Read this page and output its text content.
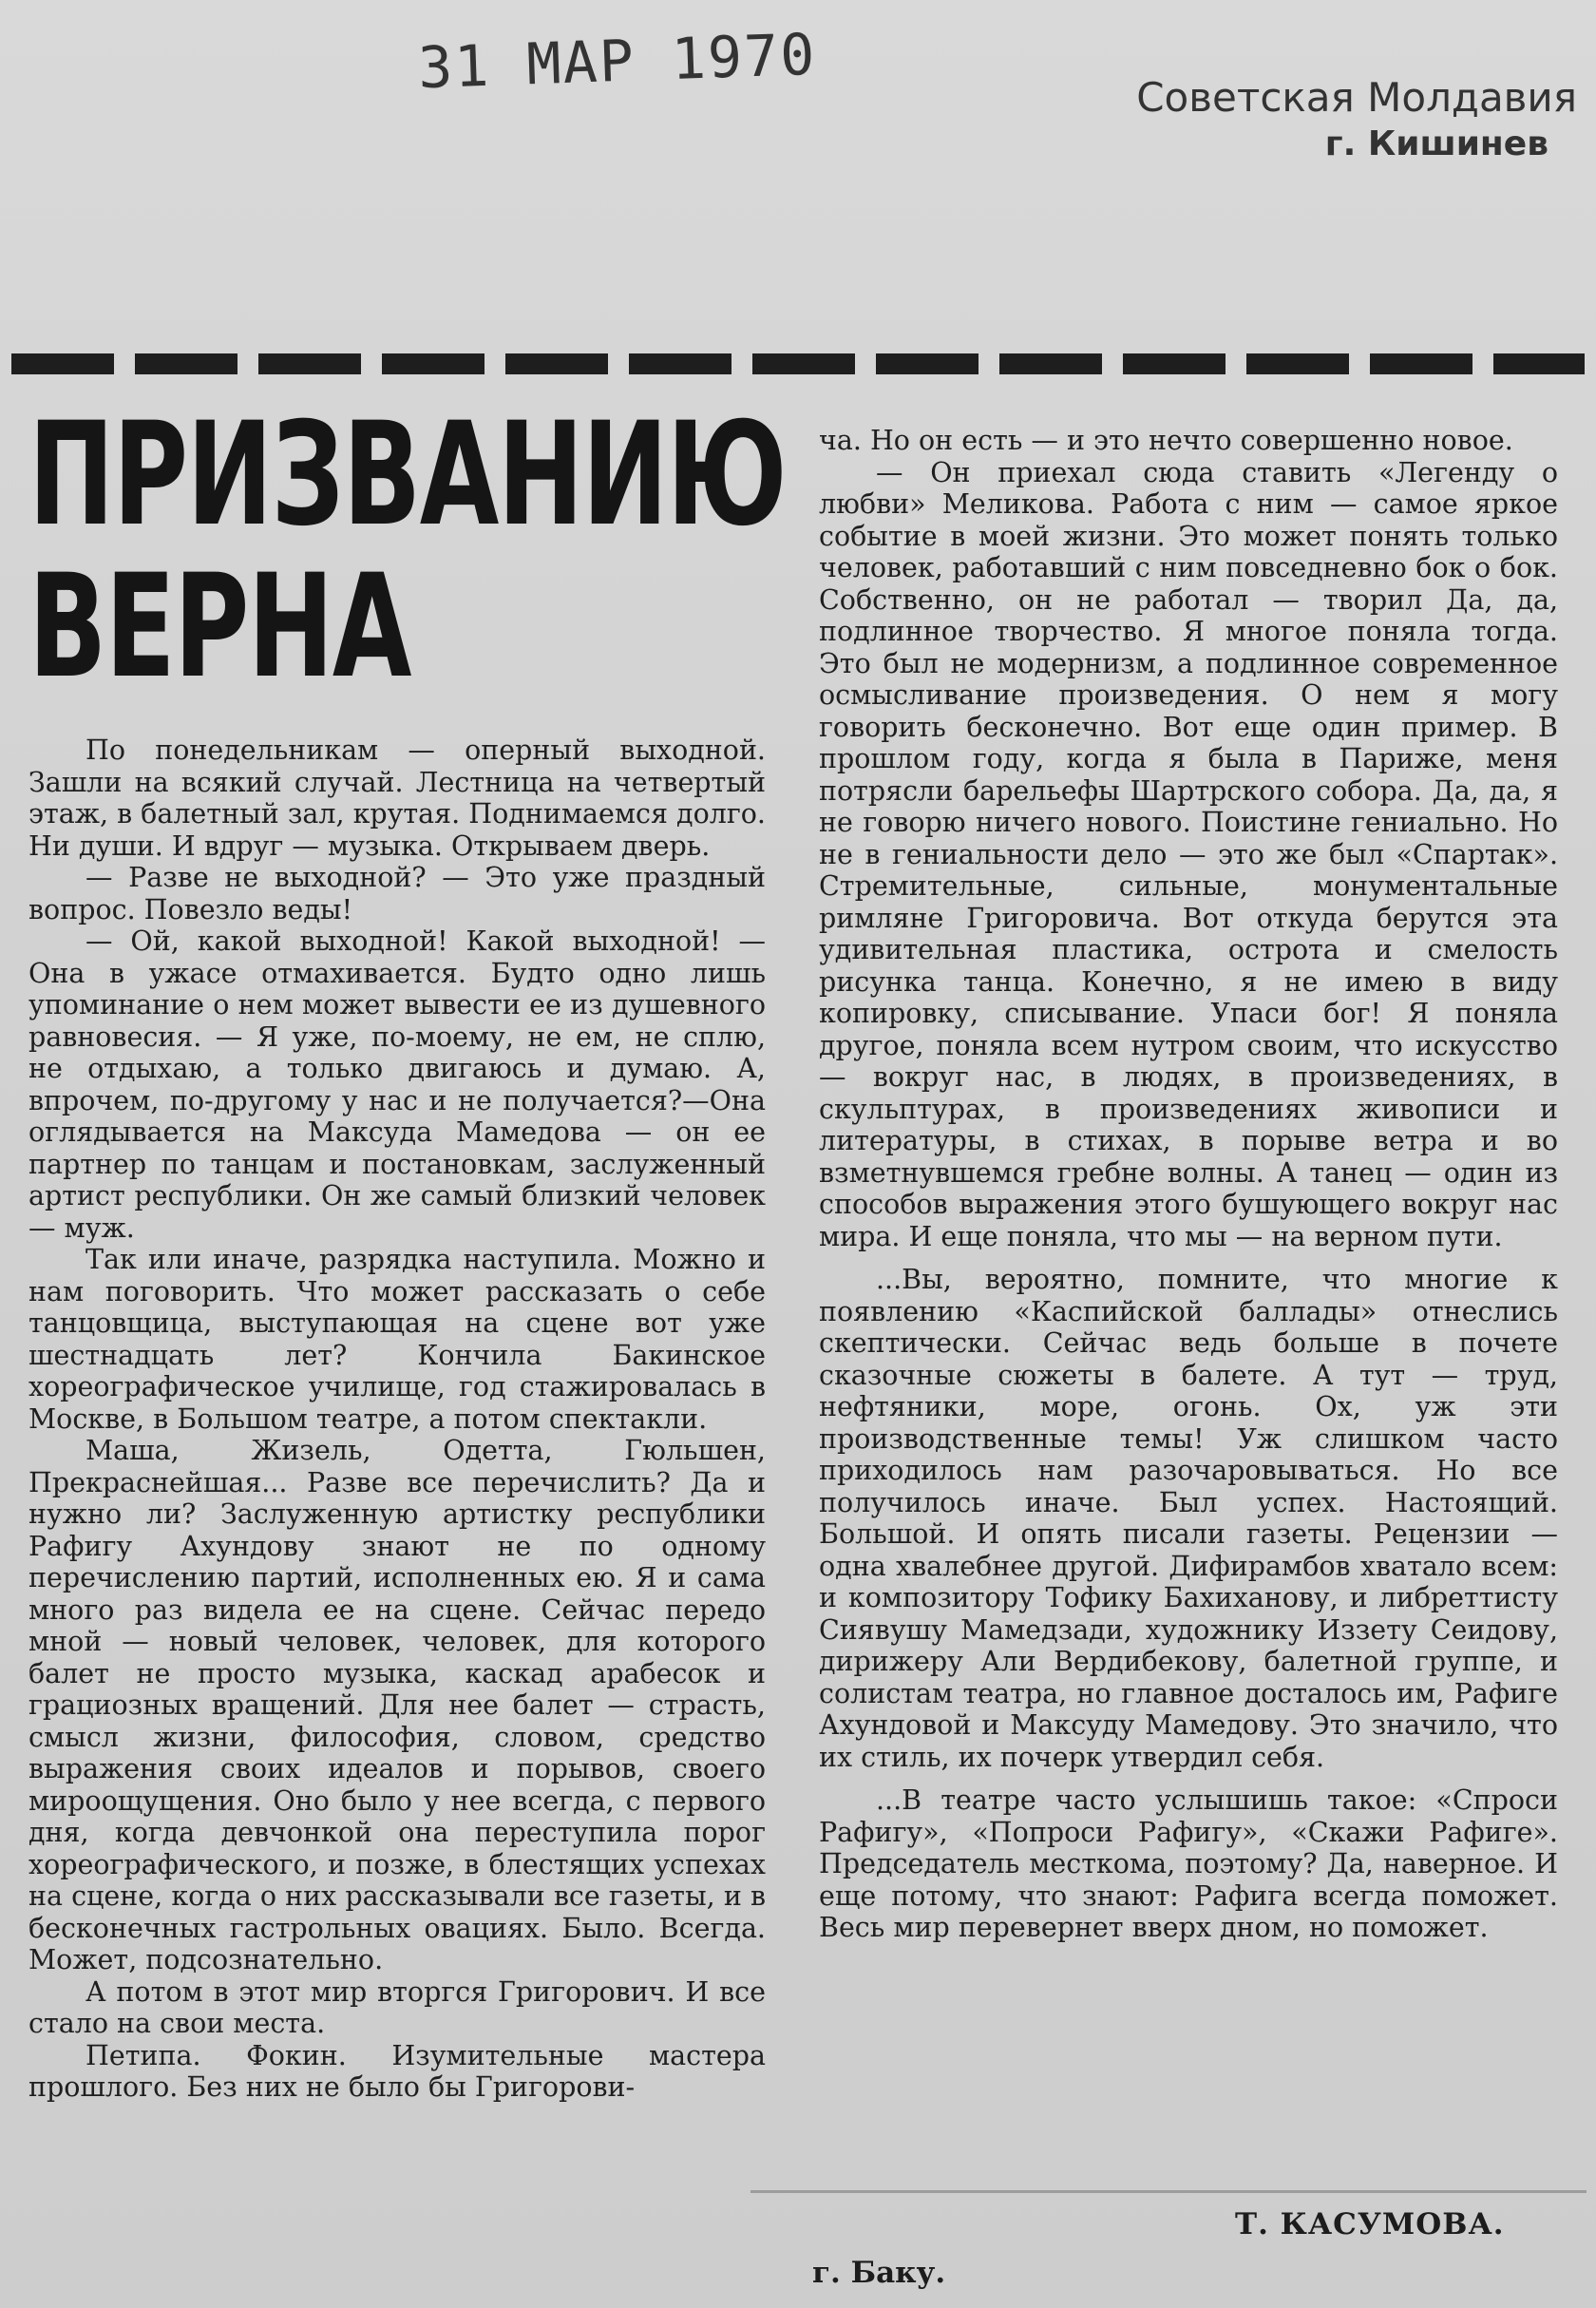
31 МАР 1970	Советская Молдавия
г. Кишинев
ПРИЗВАНИЮ
ВЕРНА

По понедельникам — оперный выходной. Зашли на всякий случай. Лестница на четвертый этаж, в балетный зал, крутая. Поднимаемся долго. Ни души. И вдруг — музыка. Открываем дверь.

— Разве не выходной? — Это уже праздный вопрос. Повезло веды!

— Ой, какой выходной! Какой выходной! — Она в ужасе отмахивается. Будто одно лишь упоминание о нем может вывести ее из душевного равновесия. — Я уже, по-моему, не ем, не сплю, не отдыхаю, а только двигаюсь и думаю. А, впрочем, по-другому у нас и не получается?—Она оглядывается на Максуда Мамедова — он ее партнер по танцам и постановкам, заслуженный артист республики. Он же самый близкий человек — муж.

Так или иначе, разрядка наступила. Можно и нам поговорить. Что может рассказать о себе танцовщица, выступающая на сцене вот уже шестнадцать лет? Кончила Бакинское хореографическое училище, год стажировалась в Москве, в Большом театре, а потом спектакли.

Маша, Жизель, Одетта, Гюльшен, Прекраснейшая... Разве все перечислить? Да и нужно ли? Заслуженную артистку республики Рафигу Ахундову знают не по одному перечислению партий, исполненных ею. Я и сама много раз видела ее на сцене. Сейчас передо мной — новый человек, человек, для которого балет не просто музыка, каскад арабесок и грациозных вращений. Для нее балет — страсть, смысл жизни, философия, словом, средство выражения своих идеалов и порывов, своего мироощущения. Оно было у нее всегда, с первого дня, когда девчонкой она переступила порог хореографического, и позже, в блестящих успехах на сцене, когда о них рассказывали все газеты, и в бесконечных гастрольных овациях. Было. Всегда. Может, подсознательно.

А потом в этот мир вторгся Григорович. И все стало на свои места.

Петипа. Фокин. Изумительные мастера прошлого. Без них не было бы Григорови-

ча. Но он есть — и это нечто совершенно новое.

— Он приехал сюда ставить «Легенду о любви» Меликова. Работа с ним — самое яркое событие в моей жизни. Это может понять только человек, работавший с ним повседневно бок о бок. Собственно, он не работал — творил Да, да, подлинное творчество. Я многое поняла тогда. Это был не модернизм, а подлинное современное осмысливание произведения. О нем я могу говорить бесконечно. Вот еще один пример. В прошлом году, когда я была в Париже, меня потрясли барельефы Шартрского собора. Да, да, я не говорю ничего нового. Поистине гениально. Но не в гениальности дело — это же был «Спартак». Стремительные, сильные, монументальные римляне Григоровича. Вот откуда берутся эта удивительная пластика, острота и смелость рисунка танца. Конечно, я не имею в виду копировку, списывание. Упаси бог! Я поняла другое, поняла всем нутром своим, что искусство — вокруг нас, в людях, в произведениях, в скульптурах, в произведениях живописи и литературы, в стихах, в порыве ветра и во взметнувшемся гребне волны. А танец — один из способов выражения этого бушующего вокруг нас мира. И еще поняла, что мы — на верном пути.

...Вы, вероятно, помните, что многие к появлению «Каспийской баллады» отнеслись скептически. Сейчас ведь больше в почете сказочные сюжеты в балете. А тут — труд, нефтяники, море, огонь. Ох, уж эти производственные темы! Уж слишком часто приходилось нам разочаровываться. Но все получилось иначе. Был успех. Настоящий. Большой. И опять писали газеты. Рецензии — одна хвалебнее другой. Дифирамбов хватало всем: и композитору Тофику Бахиханову, и либреттисту Сиявушу Мамедзади, художнику Иззету Сеидову, дирижеру Али Вердибекову, балетной группе, и солистам театра, но главное досталось им, Рафиге Ахундовой и Максуду Мамедову. Это значило, что их стиль, их почерк утвердил себя.

...В театре часто услышишь такое: «Спроси Рафигу», «Попроси Рафигу», «Скажи Рафиге». Председатель месткома, поэтому? Да, наверное. И еще потому, что знают: Рафига всегда поможет. Весь мир перевернет вверх дном, но поможет.

Т. КАСУМОВА.
г. Баку.
